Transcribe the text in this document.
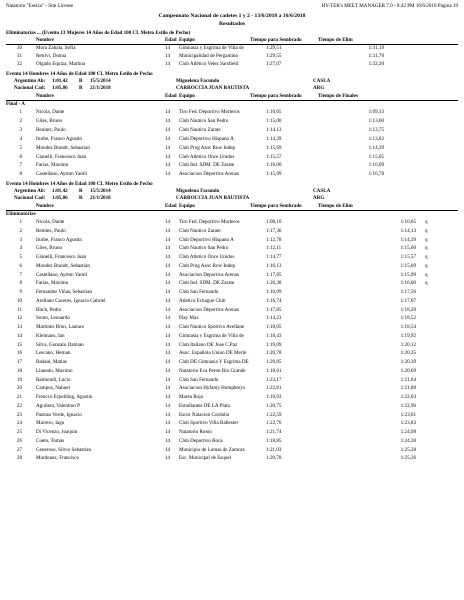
Natatorio "Eseiza" - Site License	HY-TEK's MEET MANAGER 7.0 - 8:42 PM 16/6/2018 Página 19
Campeonato Nacional de cadetes 1 y 2 - 13/6/2018 a 16/6/2018
Resultados
Eliminatorias ... (Evento 13 Mujeres 14 Años de Edad 100 CL Metro Estilo de Pecho)
Nombre	Edad Equipo	Tiempo para Sembrado	Tiempo de Elim
30	Mora Zabala, Sofia	14 Gimnasia y Esgrima de Villa de	1:29,51	1:31,19
31	Retrivi, Donna	14 Municipalidad de Pergamino	1:29,55	1:31,78
32	Olgado Equiza, Martina	14 Club Atlético Velez Sarsfield	1:27,07	1:32,20
Evento 14 Hombres 14 Años de Edad 100 CL Metro Estilo de Pecho
Argentino Ab: 1:01,42 R 15/5/2014	Miguelena Facundo	CASLA
Nacional Cad: 1:05,86 R 21/1/2018	CARROCCIA JUAN BAUTISTA	ARG
Nombre	Edad Equipo	Tiempo para Sembrado	Tiempo de Finales
Final - A
1	Nicola, Dante	14 Tiro Fed. Deportivo Morteros	1:10,65	1:09,13
2	Giles, Bruno	14 Club Nautico San Pedro	1:15,00	1:13,60
3	Benitez, Paulo	14 Club Nautico Zarate	1:14,13	1:13,75
4	Iturbe, Franco Agustin	14 Club Deportivo Hispano A	1:14,39	1:13,82
5	Mondez Brandt, Sebastian	14 Club Prog Asoc Row Indep	1:15,69	1:14,39
6	Gianelli, Francesco Juan	14 Club Atletico Once Unidos	1:15,57	1:15,05
7	Farias, Maximo	14 Club Ind. SDM. DE Zarate	1:16,00	1:16,09
8	Castellano, Ayrton Yamil	14 Asociacion Deportiva Arenas	1:15,99	1:16,78
Evento 14 Hombres 14 Años de Edad 100 CL Metro Estilo de Pecho
Argentino Ab: 1:01,42 R 15/5/2014	Miguelena Facundo	CASLA
Nacional Cad: 1:05,86 R 21/1/2018	CARROCCIA JUAN BAUTISTA	ARG
Nombre	Edad Equipo	Tiempo para Sembrado	Tiempo de Elim
Eliminatorias
1	Nicola, Dante	14 Tiro Fed. Deportivo Morteros	1:08,10	1:10,65 q
2	Benitez, Paulo	14 Club Nautico Zarate	1:17,36	1:14,13 q
3	Iturbe, Franco Agustin	14 Club Deportivo Hispano A	1:12,78	1:14,39 q
4	Giles, Bruno	14 Club Nautico San Pedro	1:12,11	1:15,00 q
5	Gianelli, Francesco Juan	14 Club Atletico Once Unidos	1:14,77	1:15,57 q
6	Mondez Brandt, Sebastian	14 Club Prog Asoc Row Indep	1:16,13	1:15,69 q
7	Castellano, Ayrton Yamil	14 Asociacion Deportiva Arenas	1:17,85	1:15,99 q
8	Farias, Maximo	14 Club Ind. SDM. DE Zarate	1:20,38	1:16,00 q
9	Fernandez Viñas, Sebastian	14 Club San Fernando	1:16,09	1:17,56
10	Arellano Caceres, Ignacio Gabriel	14 Atletico Echague Club	1:16,74	1:17,67
11	Bitch, Pedro	14 Asociacion Deportiva Arenas	1:17,85	1:18,20
12	Souto, Leonardo	14 Play Max	1:14,23	1:18,52
13	Martinez Brun, Lautaro	14 Club Nautico Sportivo Avellane	1:18,05	1:18,54
14	Kleimans, Ian	14 Gimnasia y Esgrima de Villa de	1:18,43	1:19,92
15	Silva, Gonzalo Damian	14 Club Italiano DE Jose C.Paz	1:19,09	1:20,12
16	Lescano, Hernan	14 Asoc. Española Union DE Merlo	1:20,78	1:20,35
17	Badaui, Matias	14 Club DE Gimnasia Y Esgrima DE	1:20,85	1:20,39
18	Llanedo, Maximo	14 Natatorio Eva Peron Rio Grande	1:18,61	1:20,69
19	Raimondi, Lucio	14 Club San Fernando	1:23,17	1:21,64
20	Campos, Nahuel	14 Asociacion Hyfamy Humphreys	1:22,81	1:21,88
21	Frencco Erpolding, Agustin	14 Marea Roja	1:16,03	1:22,63
22	Aguilera, Valentino P	14 Estudiantes DE LA Plata	1:20,75	1:22,96
23	Pastran Verde, Ignacio	14 Escor Natacion Cordoba	1:22,59	1:23,61
24	Marrero, Iago	14 Club Sportivo Villa Ballester	1:22,76	1:23,83
25	Di Vicenzo, Joaquin	14 Natatorio Rosso	1:21,74	1:24,08
26	Cueto, Tomas	14 Club Deportivo Roca	1:18,85	1:24,38
27	Generoso, Silvio Sebastian	14 Municipio de Lomas de Zamora	1:21,03	1:25,28
28	Mardonez, Francisco	14 Esc. Municipal de Esquel	1:20,78	1:25,36
